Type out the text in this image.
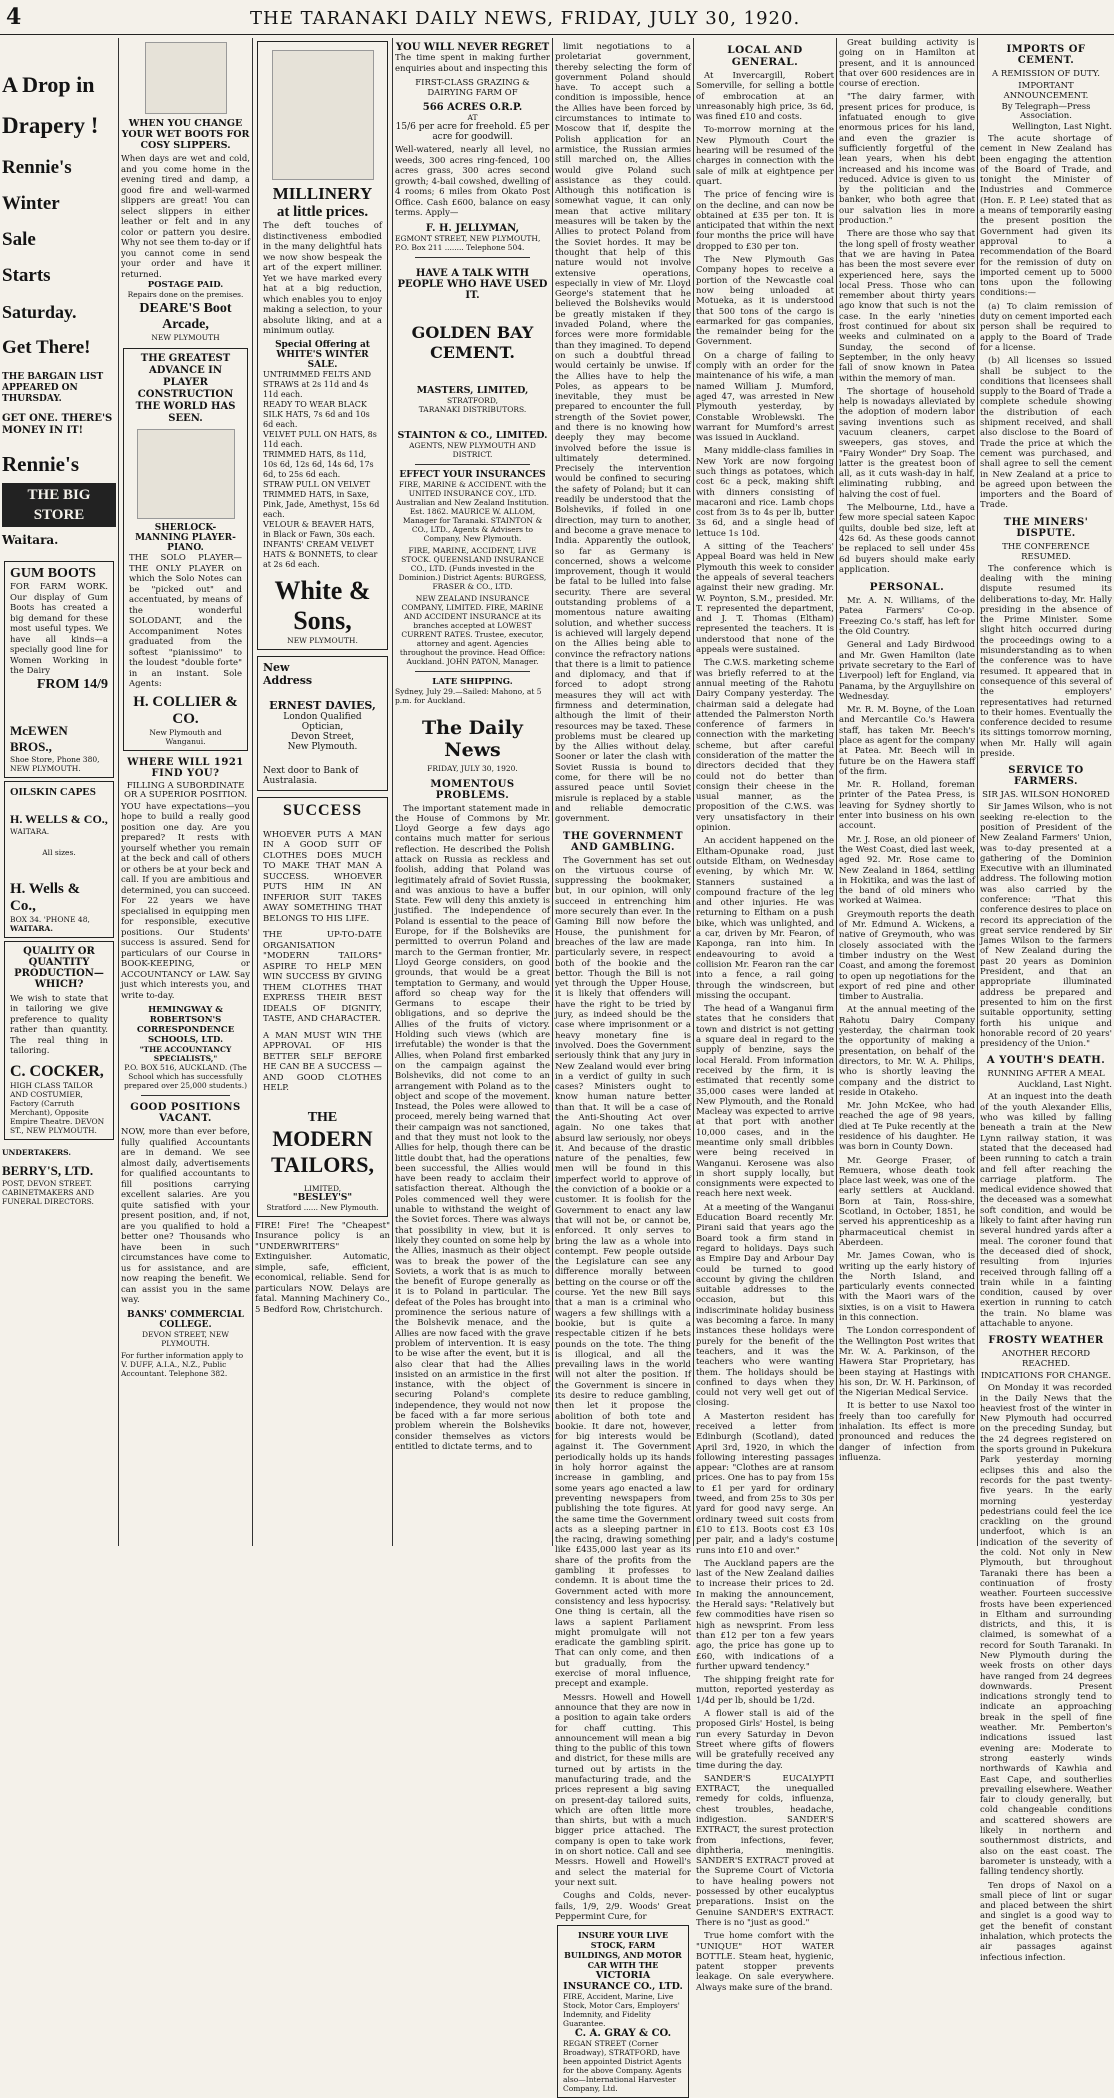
4	THE TARANAKI DAILY NEWS, FRIDAY, JULY 30, 1920.
A Drop in
Drapery !
Rennie's
Winter
Sale
Starts
Saturday.
Get There!
THE BARGAIN LIST APPEARED ON THURSDAY.
GET ONE. THERE'S MONEY IN IT!
Rennie's
THE BIG STORE
Waitara.
GUM BOOTS
FOR FARM WORK. Our display of Gum Boots has created a big demand for these most useful types. We have all kinds—a specially good line for Women Working in the Dairy
FROM 14/9
McEWEN BROS.,
Shoe Store, Phone 380, NEW PLYMOUTH.
OILSKIN CAPES
H. WELLS & CO.,
WAITARA.
All sizes.
H. Wells & Co.,
BOX 34. 'PHONE 48,
WAITARA.
QUALITY OR QUANTITY PRODUCTION— WHICH?
We wish to state that in tailoring we give preference to quality rather than quantity. The real thing in tailoring.
C. COCKER,
HIGH CLASS TAILOR AND COSTUMIER, Factory (Carruth Merchant), Opposite Empire Theatre. DEVON ST., NEW PLYMOUTH.
UNDERTAKERS.
BERRY'S, LTD.
POST, DEVON STREET. CABINETMAKERS AND FUNERAL DIRECTORS.
WHEN YOU CHANGE YOUR WET BOOTS FOR COSY SLIPPERS.
When days are wet and cold, and you come home in the evening tired and damp, a good fire and well-warmed slippers are great! You can select slippers in either leather or felt and in any color or pattern you desire. Why not see them to-day or if you cannot come in send your order and have it returned.
POSTAGE PAID.
Repairs done on the premises.
DEARE'S Boot Arcade,
NEW PLYMOUTH
THE GREATEST ADVANCE IN PLAYER CONSTRUCTION THE WORLD HAS SEEN.
SHERLOCK-MANNING PLAYER-PIANO.
THE SOLO PLAYER—THE ONLY PLAYER on which the Solo Notes can be "picked out" and accentuated, by means of the wonderful SOLODANT, and the Accompaniment Notes graduated from the softest "pianissimo" to the loudest "double forte" in an instant. Sole Agents:
H. COLLIER & CO.
New Plymouth and Wanganui.
WHERE WILL 1921 FIND YOU?
FILLING A SUBORDINATE OR A SUPERIOR POSITION.
YOU have expectations—you hope to build a really good position one day. Are you prepared? It rests with yourself whether you remain at the beck and call of others or others be at your beck and call. If you are ambitious and determined, you can succeed. For 22 years we have specialised in equipping men for responsible, executive positions. Our Students' success is assured. Send for particulars of our Course in BOOK-KEEPING, or ACCOUNTANCY or LAW. Say just which interests you, and write to-day.
HEMINGWAY & ROBERTSON'S CORRESPONDENCE SCHOOLS, LTD.
"THE ACCOUNTANCY SPECIALISTS,"
P.O. BOX 516, AUCKLAND. (The School which has successfully prepared over 25,000 students.)
GOOD POSITIONS VACANT.
NOW, more than ever before, fully qualified Accountants are in demand. We see almost daily, advertisements for qualified accountants to fill positions carrying excellent salaries. Are you quite satisfied with your present position, and, if not, are you qualified to hold a better one? Thousands who have been in such circumstances have come to us for assistance, and are now reaping the benefit. We can assist you in the same way.
BANKS' COMMERCIAL COLLEGE.
DEVON STREET, NEW PLYMOUTH.
For further information apply to V. DUFF, A.I.A., N.Z., Public Accountant. Telephone 382.
MILLINERY
at little prices.
The deft touches of distinctiveness embodied in the many delightful hats we now show bespeak the art of the expert milliner. Yet we have marked every hat at a big reduction, which enables you to enjoy making a selection, to your absolute liking, and at a minimum outlay.
Special Offering at WHITE'S WINTER SALE.
UNTRIMMED FELTS AND STRAWS at 2s 11d and 4s 11d each.
READY TO WEAR BLACK SILK HATS, 7s 6d and 10s 6d each.
VELVET PULL ON HATS, 8s 11d each.
TRIMMED HATS, 8s 11d, 10s 6d, 12s 6d, 14s 6d, 17s 6d, to 25s 6d each.
STRAW PULL ON VELVET TRIMMED HATS, in Saxe, Pink, Jade, Amethyst, 15s 6d each.
VELOUR & BEAVER HATS, in Black or Fawn, 30s each.
INFANTS' CREAM VELVET HATS & BONNETS, to clear at 2s 6d each.
White & Sons,
NEW PLYMOUTH.
New
Address
ERNEST DAVIES,
London Qualified Optician,
Devon Street,
New Plymouth.
Next door to Bank of Australasia.
SUCCESS
WHOEVER PUTS A MAN IN A GOOD SUIT OF CLOTHES DOES MUCH TO MAKE THAT MAN A SUCCESS. WHOEVER PUTS HIM IN AN INFERIOR SUIT TAKES AWAY SOMETHING THAT BELONGS TO HIS LIFE.
THE UP-TO-DATE ORGANISATION "MODERN TAILORS" ASPIRE TO HELP MEN WIN SUCCESS BY GIVING THEM CLOTHES THAT EXPRESS THEIR BEST IDEALS OF DIGNITY, TASTE, AND CHARACTER.
A MAN MUST WIN THE APPROVAL OF HIS BETTER SELF BEFORE HE CAN BE A SUCCESS — AND GOOD CLOTHES HELP.
THE
MODERN
TAILORS,
LIMITED,
"BESLEY'S"
Stratford ...... New Plymouth.
FIRE! Fire! The "Cheapest" Insurance policy is an "UNDERWRITERS" Extinguisher. Automatic, simple, safe, efficient, economical, reliable. Send for particulars NOW. Delays are fatal. Manning Machinery Co., 5 Bedford Row, Christchurch.
YOU WILL NEVER REGRET
The time spent in making further enquiries about and inspecting this
FIRST-CLASS GRAZING & DAIRYING FARM OF
566 ACRES O.R.P.
AT
15/6 per acre for freehold. £5 per acre for goodwill.
Well-watered, nearly all level, no weeds, 300 acres ring-fenced, 100 acres grass, 300 acres second growth; 4-bail cowshed, dwelling of 4 rooms; 6 miles from Okato Post Office. Cash £600, balance on easy terms. Apply—
F. H. JELLYMAN,
EGMONT STREET, NEW PLYMOUTH, P.O. Box 211 ........ Telephone 504.
HAVE A TALK WITH PEOPLE WHO HAVE USED IT.
GOLDEN BAY CEMENT.
MASTERS, LIMITED,
STRATFORD,
TARANAKI DISTRIBUTORS.
STAINTON & CO., LIMITED.
AGENTS, NEW PLYMOUTH AND DISTRICT.
EFFECT YOUR INSURANCES
FIRE, MARINE & ACCIDENT. with the UNITED INSURANCE COY., LTD. Australian and New Zealand Institution. Est. 1862. MAURICE W. ALLOM, Manager for Taranaki. STAINTON & CO., LTD., Agents & Advisers to Company, New Plymouth.
FIRE, MARINE, ACCIDENT, LIVE STOCK. QUEENSLAND INSURANCE CO., LTD. (Funds invested in the Dominion.) District Agents: BURGESS, FRASER & CO., LTD.
NEW ZEALAND INSURANCE COMPANY, LIMITED. FIRE, MARINE AND ACCIDENT INSURANCE at its branches accepted at LOWEST CURRENT RATES. Trustee, executor, attorney and agent. Agencies throughout the province. Head Office: Auckland. JOHN PATON, Manager.
LATE SHIPPING.
Sydney, July 29.—Sailed: Mahono, at 5 p.m. for Auckland.
The Daily News
FRIDAY, JULY 30, 1920.
MOMENTOUS PROBLEMS.
The important statement made in the House of Commons by Mr. Lloyd George a few days ago contains much matter for serious reflection. He described the Polish attack on Russia as reckless and foolish, adding that Poland was legitimately afraid of Soviet Russia, and was anxious to have a buffer State. Few will deny this anxiety is justified. The independence of Poland is essential to the peace of Europe, for if the Bolsheviks are permitted to overrun Poland and march to the German frontier, Mr. Lloyd George considers, on good grounds, that would be a great temptation to Germany, and would afford so cheap way for the Germans to escape their obligations, and so deprive the Allies of the fruits of victory. Holding such views (which are irrefutable) the wonder is that the Allies, when Poland first embarked on the campaign against the Bolsheviks, did not come to an arrangement with Poland as to the object and scope of the movement. Instead, the Poles were allowed to proceed, merely being warned that their campaign was not sanctioned, and that they must not look to the Allies for help, though there can be little doubt that, had the operations been successful, the Allies would have been ready to acclaim their satisfaction thereat. Although the Poles commenced well they were unable to withstand the weight of the Soviet forces. There was always that possibility in view, but it is likely they counted on some help by the Allies, inasmuch as their object was to break the power of the Soviets, a work that is as much to the benefit of Europe generally as it is to Poland in particular. The defeat of the Poles has brought into prominence the serious nature of the Bolshevik menace, and the Allies are now faced with the grave problem of intervention. It is easy to be wise after the event, but it is also clear that had the Allies insisted on an armistice in the first instance, with the object of securing Poland's complete independence, they would not now be faced with a far more serious problem wherein the Bolsheviks consider themselves as victors entitled to dictate terms, and to
limit negotiations to a proletariat government, thereby selecting the form of government Poland should have. To accept such a condition is impossible, hence the Allies have been forced by circumstances to intimate to Moscow that if, despite the Polish application for an armistice, the Russian armies still marched on, the Allies would give Poland such assistance as they could. Although this notification is somewhat vague, it can only mean that active military measures will be taken by the Allies to protect Poland from the Soviet hordes. It may be thought that help of this nature would not involve extensive operations, especially in view of Mr. Lloyd George's statement that he believed the Bolsheviks would be greatly mistaken if they invaded Poland, where the forces were more formidable than they imagined. To depend on such a doubtful thread would certainly be unwise. If the Allies have to help the Poles, as appears to be inevitable, they must be prepared to encounter the full strength of the Soviet power, and there is no knowing how deeply they may become involved before the issue is ultimately determined. Precisely the intervention would be confined to securing the safety of Poland; but it can readily be understood that the Bolsheviks, if foiled in one direction, may turn to another, and become a grave menace to India. Apparently the outlook, so far as Germany is concerned, shows a welcome improvement, though it would be fatal to be lulled into false security. There are several outstanding problems of a momentous nature awaiting solution, and whether success is achieved will largely depend on the Allies being able to convince the refractory nations that there is a limit to patience and diplomacy, and that if forced to adopt strong measures they will act with firmness and determination, although the limit of their resources may be taxed. These problems must be cleared up by the Allies without delay. Sooner or later the clash with Soviet Russia is bound to come, for there will be no assured peace until Soviet misrule is replaced by a stable and reliable democratic government.
THE GOVERNMENT AND GAMBLING.
The Government has set out on the virtuous course of suppressing the bookmaker, but, in our opinion, will only succeed in entrenching him more securely than ever. In the Gaming Bill now before the House, the punishment for breaches of the law are made particularly severe, in respect both of the bookie and the bettor. Though the Bill is not yet through the Upper House, it is likely that offenders will have the right to be tried by jury, as indeed should be the case where imprisonment or a heavy monetary fine is involved. Does the Government seriously think that any jury in New Zealand would ever bring in a verdict of guilty in such cases? Ministers ought to know human nature better than that. It will be a case of the Anti-Shouting Act over again. No one takes that absurd law seriously, nor obeys it. And because of the drastic nature of the penalties, few men will be found in this imperfect world to approve of the conviction of a bookie or a customer. It is foolish for the Government to enact any law that will not be, or cannot be, enforced. It only serves to bring the law as a whole into contempt. Few people outside the Legislature can see any difference morally between betting on the course or off the course. Yet the new Bill says that a man is a criminal who wagers a few shillings with a bookie, but is quite a respectable citizen if he bets pounds on the tote. The thing is illogical, and all the prevailing laws in the world will not alter the position. If the Government is sincere in its desire to reduce gambling, then let it propose the abolition of both tote and bookie. It dare not, however, for big interests would be against it. The Government periodically holds up its hands in holy horror against the increase in gambling, and some years ago enacted a law preventing newspapers from publishing the tote figures. At the same time the Government acts as a sleeping partner in the racing, drawing something like £435,000 last year as its share of the profits from the gambling it professes to condemn. It is about time the Government acted with more consistency and less hypocrisy. One thing is certain, all the laws a sapient Parliament might promulgate will not eradicate the gambling spirit. That can only come, and then but gradually, from the exercise of moral influence, precept and example.
Messrs. Howell and Howell announce that they are now in a position to again take orders for chaff cutting. This announcement will mean a big thing to the public of this town and district, for these mills are turned out by artists in the manufacturing trade, and the prices represent a big saving on present-day tailored suits, which are often little more than shirts, but with a much bigger price attached. The company is open to take work in on short notice. Call and see Messrs. Howell and Howell's and select the material for your next suit.
Coughs and Colds, never-fails, 1/9, 2/9. Woods' Great Peppermint Cure, for
INSURE YOUR LIVE STOCK, FARM BUILDINGS, AND MOTOR CAR WITH THE
VICTORIA INSURANCE CO., LTD.
FIRE, Accident, Marine, Live Stock, Motor Cars, Employers' Indemnity, and Fidelity Guarantee.
C. A. GRAY & CO.
REGAN STREET (Corner Broadway), STRATFORD, have been appointed District Agents for the above Company. Agents also—International Harvester Company, Ltd.
LOCAL AND GENERAL.
At Invercargill, Robert Somerville, for selling a bottle of embrocation at an unreasonably high price, 3s 6d, was fined £10 and costs.
To-morrow morning at the New Plymouth Court the hearing will be resumed of the charges in connection with the sale of milk at eightpence per quart.
The price of fencing wire is on the decline, and can now be obtained at £35 per ton. It is anticipated that within the next four months the price will have dropped to £30 per ton.
The New Plymouth Gas Company hopes to receive a portion of the Newcastle coal now being unloaded at Motueka, as it is understood that 500 tons of the cargo is earmarked for gas companies, the remainder being for the Government.
On a charge of failing to comply with an order for the maintenance of his wife, a man named William J. Mumford, aged 47, was arrested in New Plymouth yesterday, by Constable Wroblewski. The warrant for Mumford's arrest was issued in Auckland.
Many middle-class families in New York are now forgoing such things as potatoes, which cost 6c a peck, making shift with dinners consisting of macaroni and rice. Lamb chops cost from 3s to 4s per lb, butter 3s 6d, and a single head of lettuce 1s 10d.
A sitting of the Teachers' Appeal Board was held in New Plymouth this week to consider the appeals of several teachers against their new grading. Mr. W. Poynton, S.M., presided. Mr. T. represented the department, and J. T. Thomas (Eltham) represented the teachers. It is understood that none of the appeals were sustained.
The C.W.S. marketing scheme was briefly referred to at the annual meeting of the Rahotu Dairy Company yesterday. The chairman said a delegate had attended the Palmerston North conference of farmers in connection with the marketing scheme, but after careful consideration of the matter the directors decided that they could not do better than consign their cheese in the usual manner, as the proposition of the C.W.S. was very unsatisfactory in their opinion.
An accident happened on the Eltham-Opunake road, just outside Eltham, on Wednesday evening, by which Mr. W. Stanners sustained a compound fracture of the leg and other injuries. He was returning to Eltham on a push bike, which was unlighted, and a car, driven by Mr. Fearon, of Kaponga, ran into him. In endeavouring to avoid a collision Mr. Fearon ran the car into a fence, a rail going through the windscreen, but missing the occupant.
The head of a Wanganui firm states that he considers that town and district is not getting a square deal in regard to the supply of benzine, says the local Herald. From information received by the firm, it is estimated that recently some 35,000 cases were landed at New Plymouth, and the Ronald Macleay was expected to arrive at that port with another 10,000 cases, and in the meantime only small dribbles were being received in Wanganui. Kerosene was also in short supply locally, but consignments were expected to reach here next week.
At a meeting of the Wanganui Education Board recently Mr. Pirani said that years ago the Board took a firm stand in regard to holidays. Days such as Empire Day and Arbour Day could be turned to good account by giving the children suitable addresses to the occasion, but this indiscriminate holiday business was becoming a farce. In many instances these holidays were purely for the benefit of the teachers, and it was the teachers who were wanting them. The holidays should be confined to days when they could not very well get out of closing.
A Masterton resident has received a letter from Edinburgh (Scotland), dated April 3rd, 1920, in which the following interesting passages appear: "Clothes are at ransom prices. One has to pay from 15s to £1 per yard for ordinary tweed, and from 25s to 30s per yard for good navy serge. An ordinary tweed suit costs from £10 to £13. Boots cost £3 10s per pair, and a lady's costume runs into £10 and over."
The Auckland papers are the last of the New Zealand dailies to increase their prices to 2d. In making the announcement, the Herald says: "Relatively but few commodities have risen so high as newsprint. From less than £12 per ton a few years ago, the price has gone up to £60, with indications of a further upward tendency."
The shipping freight rate for mutton, reported yesterday as 1/4d per lb, should be 1/2d.
A flower stall is aid of the proposed Girls' Hostel, is being run every Saturday in Devon Street where gifts of flowers will be gratefully received any time during the day.
SANDER'S EUCALYPTI EXTRACT, the unequalled remedy for colds, influenza, chest troubles, headache, indigestion. SANDER'S EXTRACT, the surest protection from infections, fever, diphtheria, meningitis. SANDER'S EXTRACT proved at the Supreme Court of Victoria to have healing powers not possessed by other eucalyptus preparations. Insist on the Genuine SANDER'S EXTRACT. There is no "just as good."
True home comfort with the "UNIQUE" HOT WATER BOTTLE. Steam heat, hygienic, patent stopper prevents leakage. On sale everywhere. Always make sure of the brand.
Great building activity is going on in Hamilton at present, and it is announced that over 600 residences are in course of erection.
"The dairy farmer, with present prices for produce, is infatuated enough to give enormous prices for his land, and even the grazier is sufficiently forgetful of the lean years, when his debt increased and his income was reduced. Advice is given to us by the politician and the banker, who both agree that our salvation lies in more production."
There are those who say that the long spell of frosty weather that we are having in Patea has been the most severe ever experienced here, says the local Press. Those who can remember about thirty years ago know that such is not the case. In the early 'nineties frost continued for about six weeks and culminated on a Sunday, the second of September, in the only heavy fall of snow known in Patea within the memory of man.
The shortage of household help is nowadays alleviated by the adoption of modern labor saving inventions such as vacuum cleaners, carpet sweepers, gas stoves, and "Fairy Wonder" Dry Soap. The latter is the greatest boon of all, as it cuts wash-day in half, eliminating rubbing, and halving the cost of fuel.
The Melbourne, Ltd., have a few more special sateen Kapoc quilts, double bed size, left at 42s 6d. As these goods cannot be replaced to sell under 45s 6d buyers should make early application.
PERSONAL.
Mr. A. N. Williams, of the Patea Farmers' Co-op. Freezing Co.'s staff, has left for the Old Country.
General and Lady Birdwood and Mr. Gwen Hamilton (late private secretary to the Earl of Liverpool) left for England, via Panama, by the Arguyllshire on Wednesday.
Mr. R. M. Boyne, of the Loan and Mercantile Co.'s Hawera staff, has taken Mr. Beech's place as agent for the company at Patea. Mr. Beech will in future be on the Hawera staff of the firm.
Mr. R. Holland, foreman printer of the Patea Press, is leaving for Sydney shortly to enter into business on his own account.
Mr. J. Rose, an old pioneer of the West Coast, died last week, aged 92. Mr. Rose came to New Zealand in 1864, settling in Hokitika, and was the last of the band of old miners who worked at Waimea.
Greymouth reports the death of Mr. Edmund A. Wickens, a native of Greymouth, who was closely associated with the timber industry on the West Coast, and among the foremost to open up negotiations for the export of red pine and other timber to Australia.
At the annual meeting of the Rahotu Dairy Company yesterday, the chairman took the opportunity of making a presentation, on behalf of the directors, to Mr. W. A. Philips, who is shortly leaving the company and the district to reside in Otakeho.
Mr. John McKee, who had reached the age of 98 years, died at Te Puke recently at the residence of his daughter. He was born in County Down.
Mr. George Fraser, of Remuera, whose death took place last week, was one of the early settlers at Auckland. Born at Tain, Ross-shire, Scotland, in October, 1851, he served his apprenticeship as a pharmaceutical chemist in Aberdeen.
Mr. James Cowan, who is writing up the early history of the North Island, and particularly events connected with the Maori wars of the sixties, is on a visit to Hawera in this connection.
The London correspondent of the Wellington Post writes that Mr. W. A. Parkinson, of the Hawera Star Proprietary, has been staying at Hastings with his son, Dr. W. H. Parkinson, of the Nigerian Medical Service.
It is better to use Naxol too freely than too carefully for inhalation. Its effect is more pronounced and reduces the danger of infection from influenza.
IMPORTS OF CEMENT.
A REMISSION OF DUTY.
IMPORTANT ANNOUNCEMENT.
By Telegraph—Press Association.
Wellington, Last Night.
The acute shortage of cement in New Zealand has been engaging the attention of the Board of Trade, and tonight the Minister of Industries and Commerce (Hon. E. P. Lee) stated that as a means of temporarily easing the present position the Government had given its approval to a recommendation of the Board for the remission of duty on imported cement up to 5000 tons upon the following conditions:—
(a) To claim remission of duty on cement imported each person shall be required to apply to the Board of Trade for a license.
(b) All licenses so issued shall be subject to the conditions that licensees shall supply to the Board of Trade a complete schedule showing the distribution of each shipment received, and shall also disclose to the Board of Trade the price at which the cement was purchased, and shall agree to sell the cement in New Zealand at a price to be agreed upon between the importers and the Board of Trade.
THE MINERS' DISPUTE.
THE CONFERENCE RESUMED.
The conference which is dealing with the mining dispute resumed its deliberations to-day, Mr. Hally presiding in the absence of the Prime Minister. Some slight hitch occurred during the proceedings owing to a misunderstanding as to when the conference was to have resumed. It appeared that in consequence of this several of the employers' representatives had returned to their homes. Eventually the conference decided to resume its sittings tomorrow morning, when Mr. Hally will again preside.
SERVICE TO FARMERS.
SIR JAS. WILSON HONORED
Sir James Wilson, who is not seeking re-election to the position of President of the New Zealand Farmers' Union, was to-day presented at a gathering of the Dominion Executive with an illuminated address. The following motion was also carried by the conference: "That this conference desires to place on record its appreciation of the great service rendered by Sir James Wilson to the farmers of New Zealand during the past 20 years as Dominion President, and that an appropriate illuminated address be prepared and presented to him on the first suitable opportunity, setting forth his unique and honorable record of 20 years' presidency of the Union."
A YOUTH'S DEATH.
RUNNING AFTER A MEAL
Auckland, Last Night.
At an inquest into the death of the youth Alexander Ellis, who was killed by falling beneath a train at the New Lynn railway station, it was stated that the deceased had been running to catch a train and fell after reaching the carriage platform. The medical evidence showed that the deceased was a somewhat soft condition, and would be likely to faint after having run several hundred yards after a meal. The coroner found that the deceased died of shock, resulting from injuries received through falling off a train while in a fainting condition, caused by over exertion in running to catch the train. No blame was attachable to anyone.
FROSTY WEATHER
ANOTHER RECORD REACHED.
INDICATIONS FOR CHANGE.
On Monday it was recorded in the Daily News that the heaviest frost of the winter in New Plymouth had occurred on the preceding Sunday, but the 24 degrees registered on the sports ground in Pukekura Park yesterday morning eclipses this and also the records for the past twenty-five years. In the early morning yesterday pedestrians could feel the ice crackling on the ground underfoot, which is an indication of the severity of the cold. Not only in New Plymouth, but throughout Taranaki there has been a continuation of frosty weather. Fourteen successive frosts have been experienced in Eltham and surrounding districts, and this, it is claimed, is somewhat of a record for South Taranaki. In New Plymouth during the week frosts on other days have ranged from 24 degrees downwards. Present indications strongly tend to indicate an approaching break in the spell of fine weather. Mr. Pemberton's indications issued last evening are: Moderate to strong easterly winds northwards of Kawhia and East Cape, and southerlies prevailing elsewhere. Weather fair to cloudy generally, but cold changeable conditions and scattered showers are likely in northern and southernmost districts, and also on the east coast. The barometer is unsteady, with a falling tendency shortly.
Ten drops of Naxol on a small piece of lint or sugar and placed between the shirt and singlet is a good way to get the benefit of constant inhalation, which protects the air passages against infectious infection.
